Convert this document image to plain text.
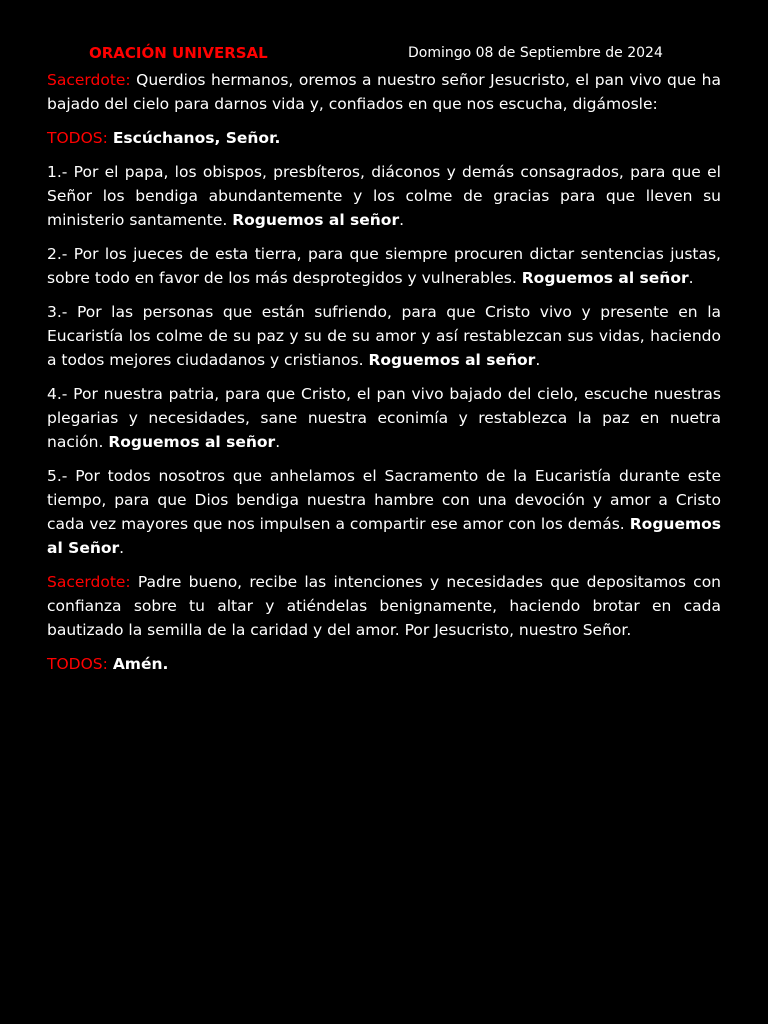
ORACIÓN UNIVERSAL	Domingo 08 de Septiembre de 2024

Sacerdote: Querdios hermanos, oremos a nuestro señor Jesucristo, el pan vivo que ha bajado del cielo para darnos vida y, confiados en que nos escucha, digámosle:

TODOS: Escúchanos, Señor.

1.- Por el papa, los obispos, presbíteros, diáconos y demás consagrados, para que el Señor los bendiga abundantemente y los colme de gracias para que lleven su ministerio santamente. Roguemos al señor.

2.- Por los jueces de esta tierra, para que siempre procuren dictar sentencias justas, sobre todo en favor de los más desprotegidos y vulnerables. Roguemos al señor.

3.- Por las personas que están sufriendo, para que Cristo vivo y presente en la Eucaristía los colme de su paz y su de su amor y así restablezcan sus vidas, haciendo a todos mejores ciudadanos y cristianos. Roguemos al señor.

4.- Por nuestra patria, para que Cristo, el pan vivo bajado del cielo, escuche nuestras plegarias y necesidades, sane nuestra econimía y restablezca la paz en nuetra nación. Roguemos al señor.

5.- Por todos nosotros que anhelamos el Sacramento de la Eucaristía durante este tiempo, para que Dios bendiga nuestra hambre con una devoción y amor a Cristo cada vez mayores que nos impulsen a compartir ese amor con los demás. Roguemos al Señor.

Sacerdote: Padre bueno, recibe las intenciones y necesidades que depositamos con confianza sobre tu altar y atiéndelas benignamente, haciendo brotar en cada bautizado la semilla de la caridad y del amor. Por Jesucristo, nuestro Señor.

TODOS: Amén.
